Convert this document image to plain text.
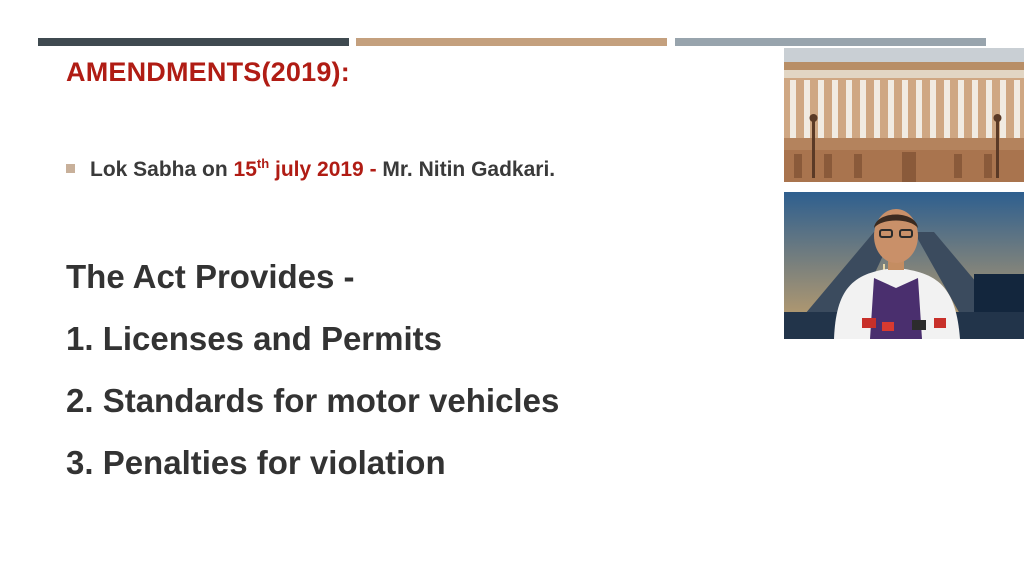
AMENDMENTS(2019):
Lok Sabha on
15th july 2019 - Mr. Nitin Gadkari.
The Act Provides -
1. Licenses and Permits
2. Standards for motor vehicles
3. Penalties for violation
